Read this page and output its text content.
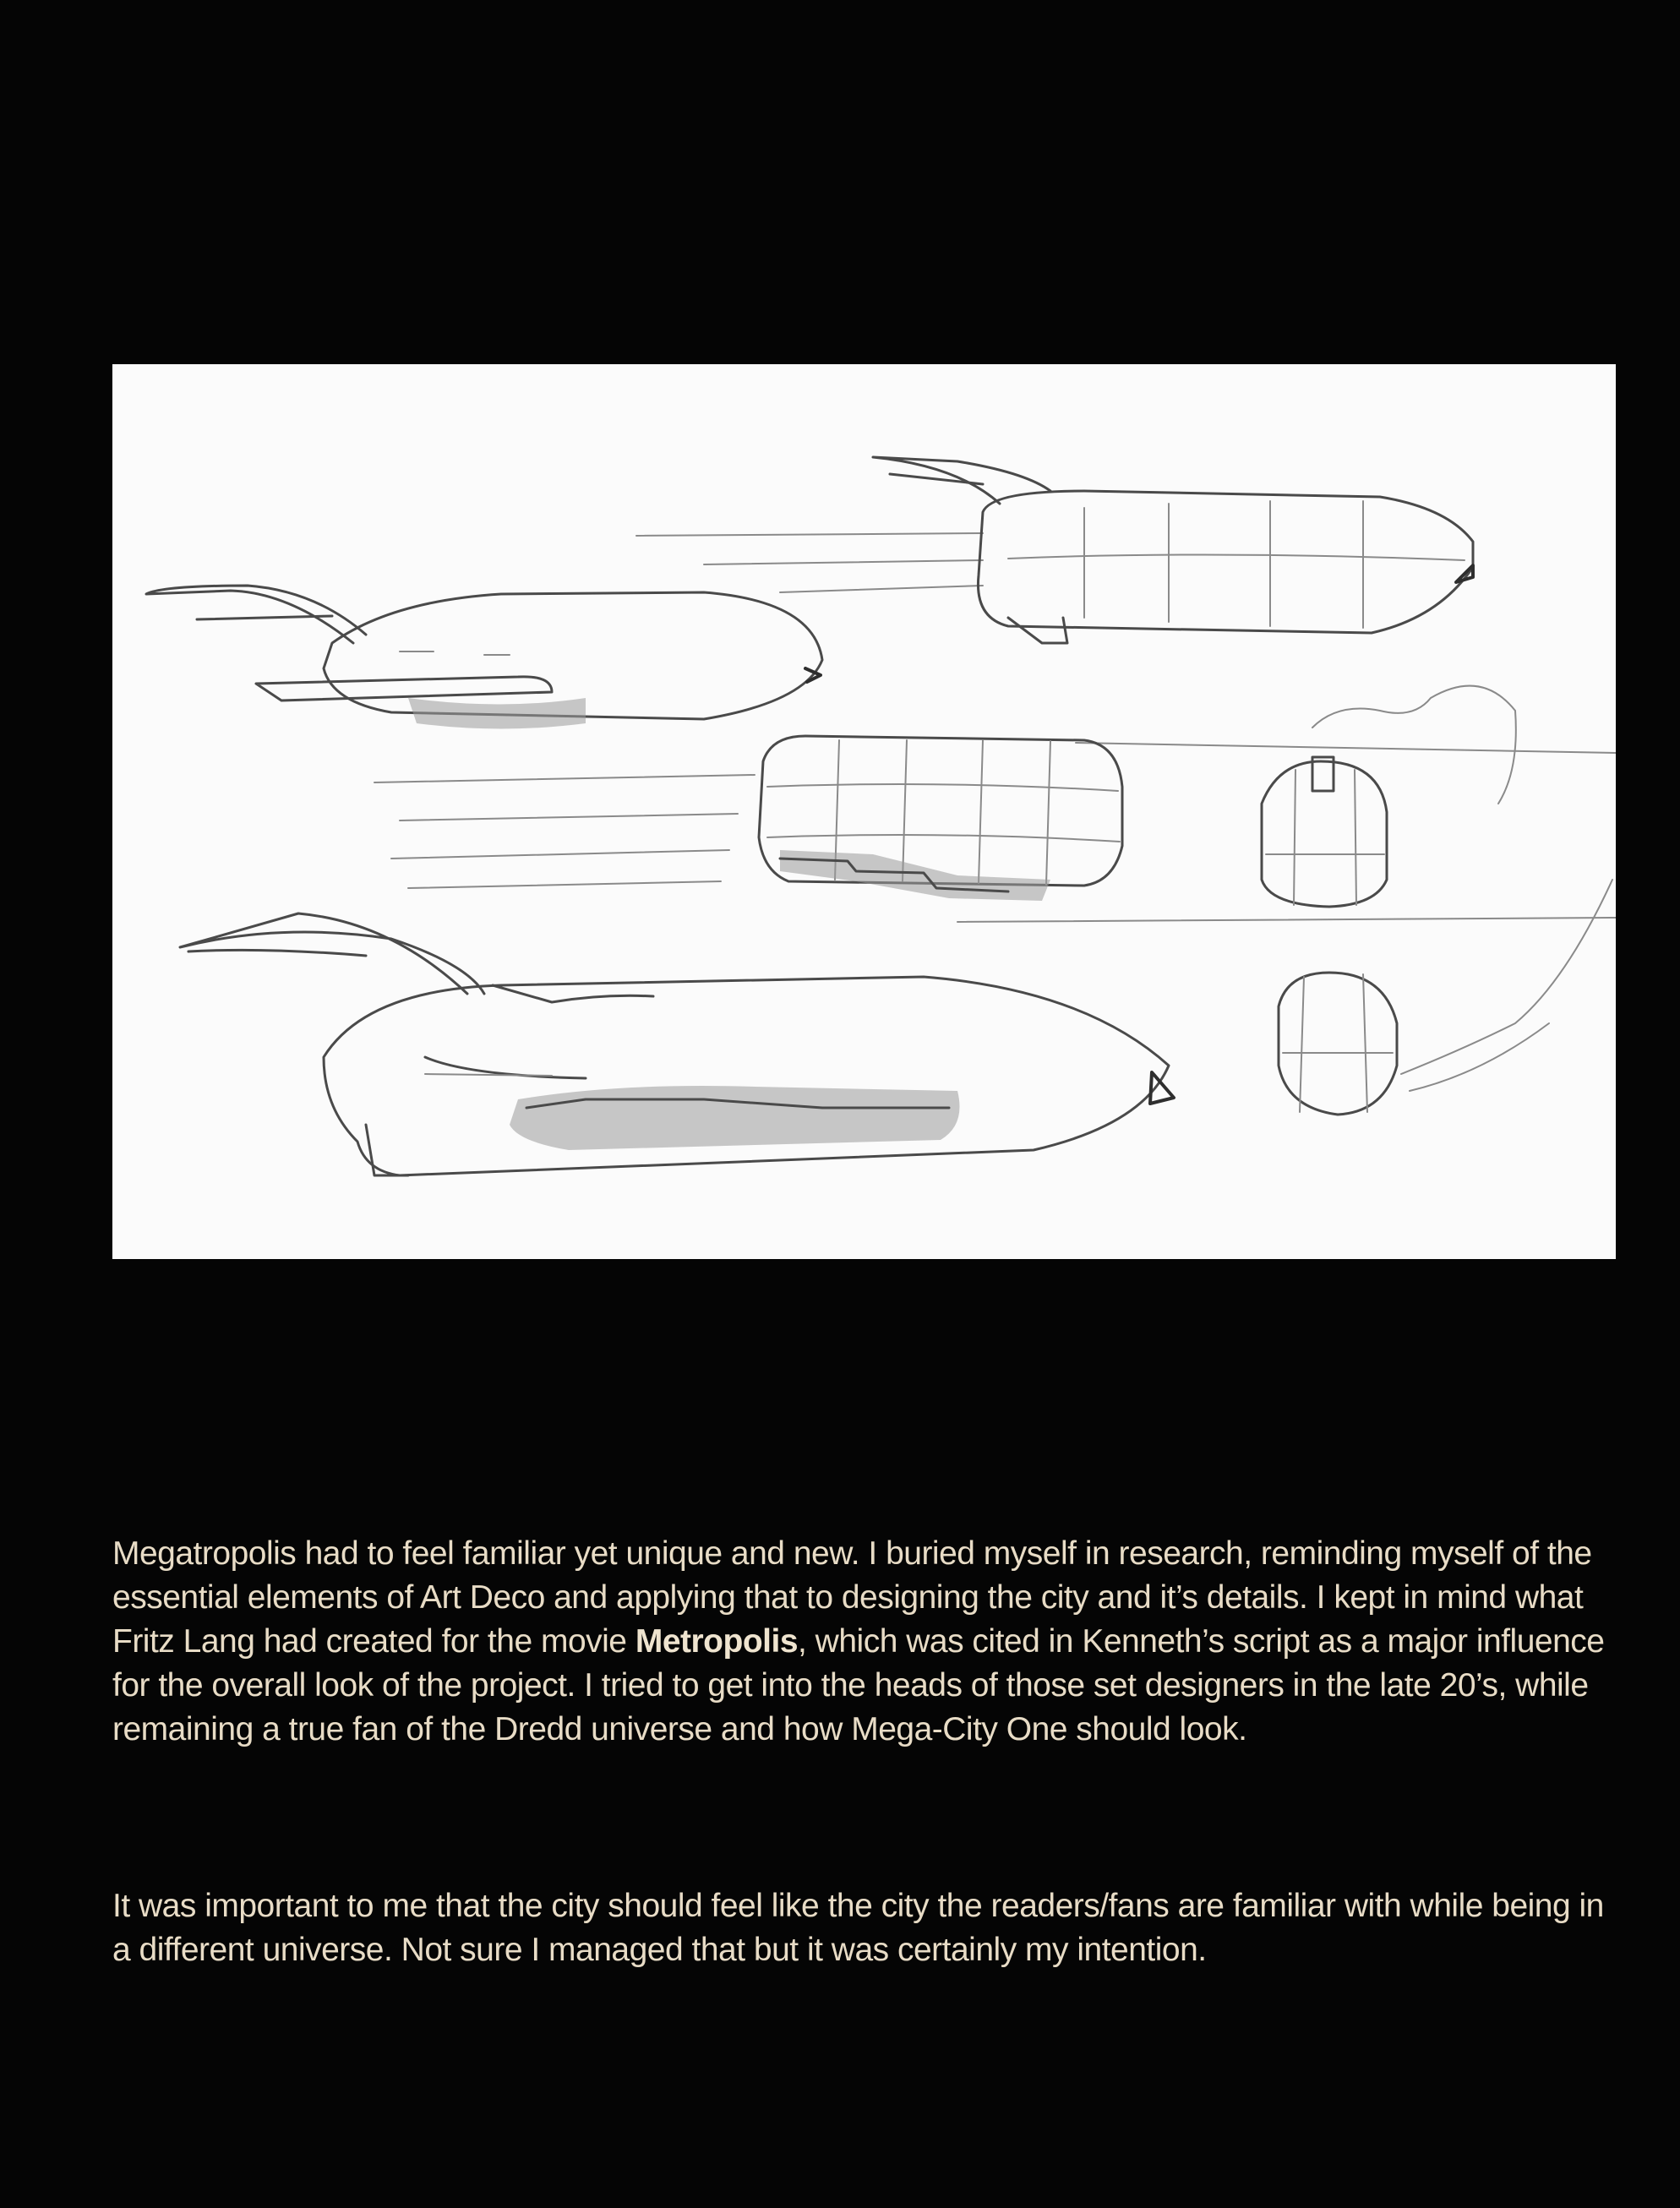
Megatropolis had to feel familiar yet unique and new. I buried myself in research, reminding myself of the essential elements of Art Deco and applying that to designing the city and it’s details. I kept in mind what Fritz Lang had created for the movie Metropolis, which was cited in Kenneth’s script as a major influence for the overall look of the project. I tried to get into the heads of those set designers in the late 20’s, while remaining a true fan of the Dredd universe and how Mega-City One should look.
It was important to me that the city should feel like the city the readers/fans are familiar with while being in a different universe. Not sure I managed that but it was certainly my intention.
